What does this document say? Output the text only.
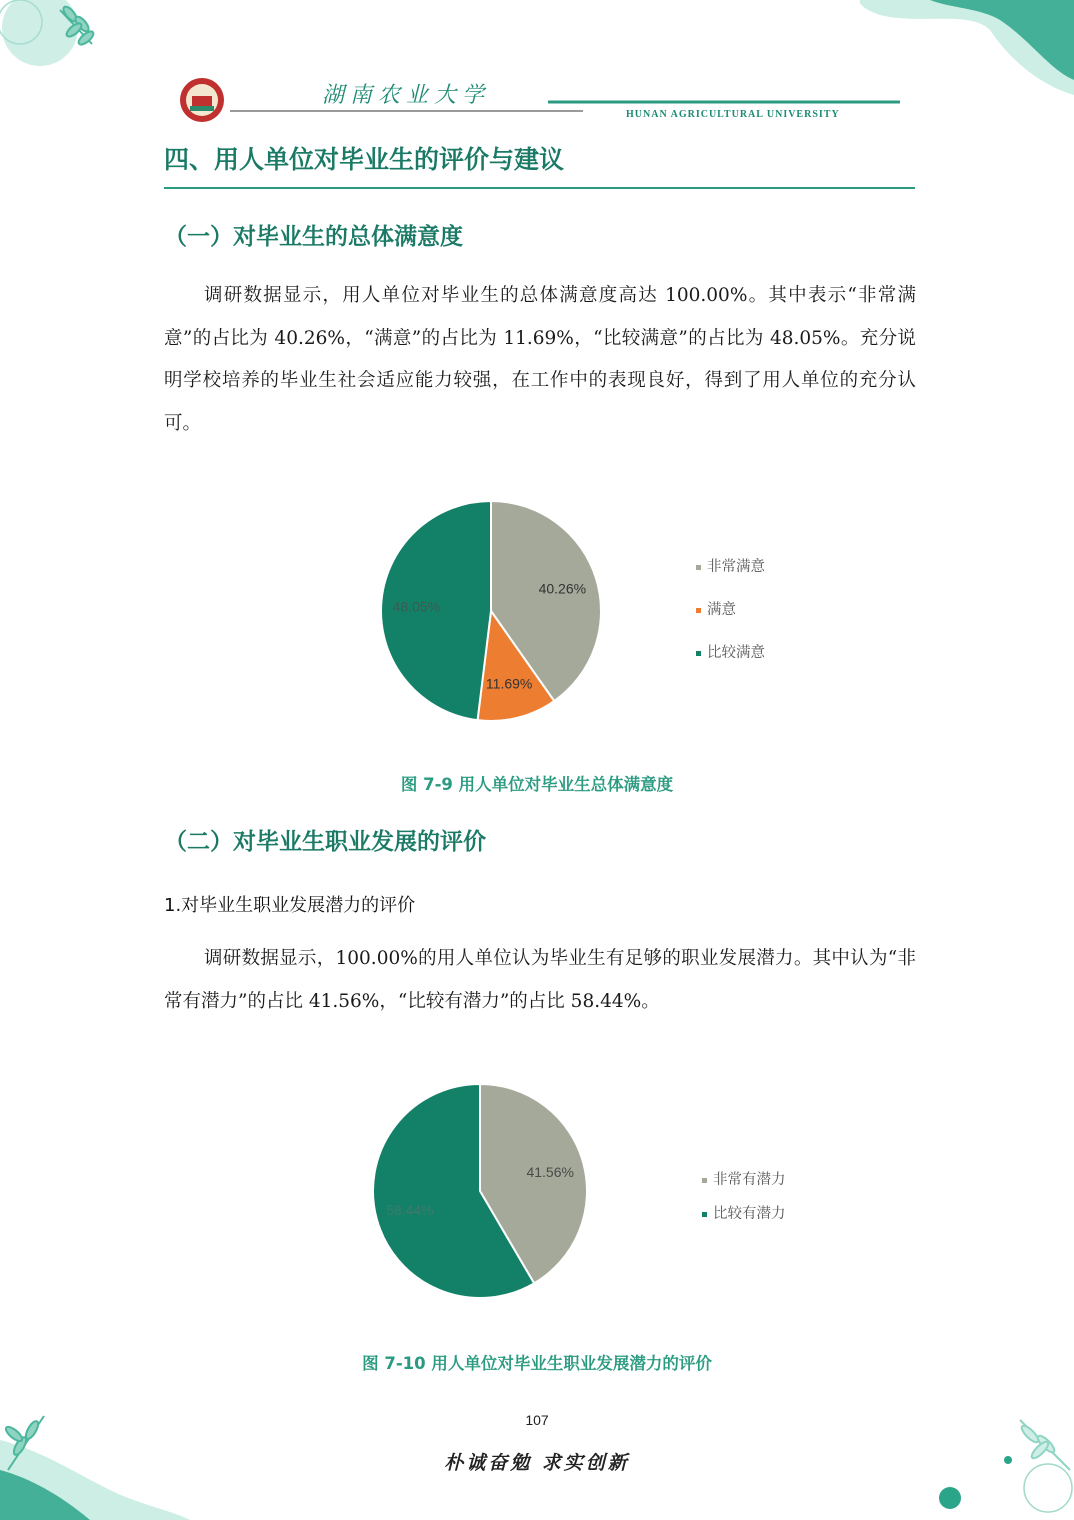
湖南农业大学
HUNAN AGRICULTURAL UNIVERSITY
四、用人单位对毕业生的评价与建议
（一）对毕业生的总体满意度
调研数据显示，用人单位对毕业生的总体满意度高达 100.00%。其中表示“非常满意”的占比为 40.26%，“满意”的占比为 11.69%，“比较满意”的占比为 48.05%。充分说明学校培养的毕业生社会适应能力较强，在工作中的表现良好，得到了用人单位的充分认可。
40.26%
11.69%
48.05%
非常满意
满意
比较满意
图 7-9 用人单位对毕业生总体满意度
（二）对毕业生职业发展的评价
1.对毕业生职业发展潜力的评价
调研数据显示，100.00%的用人单位认为毕业生有足够的职业发展潜力。其中认为“非常有潜力”的占比 41.56%，“比较有潜力”的占比 58.44%。
41.56%
58.44%
非常有潜力
比较有潜力
图 7-10 用人单位对毕业生职业发展潜力的评价
107
朴诚奋勉 求实创新
